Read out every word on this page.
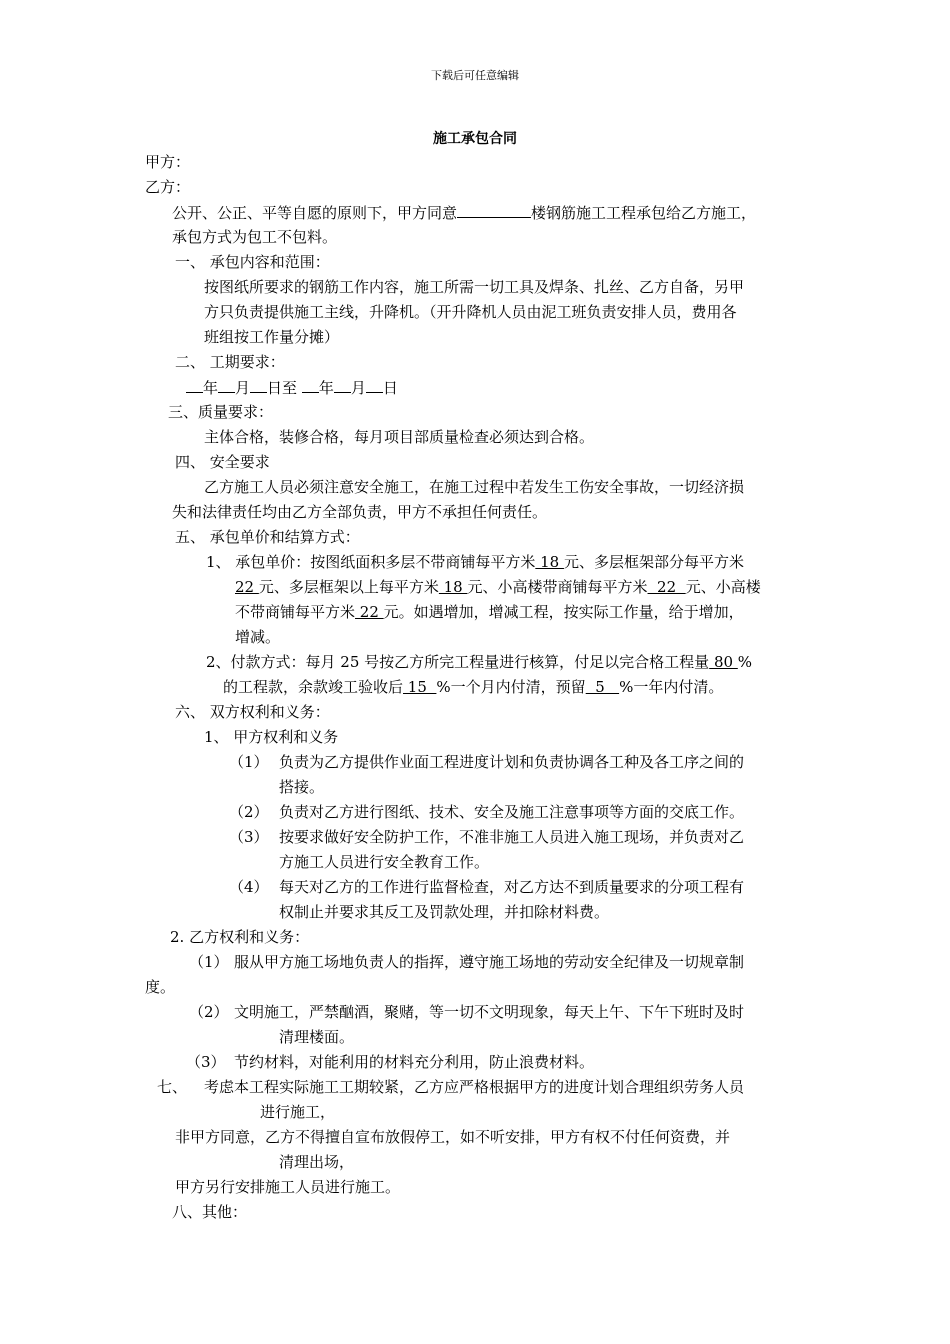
下载后可任意编辑
施工承包合同
甲方：
乙方：
公开、公正、平等自愿的原则下，甲方同意	楼钢筋施工工程承包给乙方施工，
承包方式为包工不包料。
一、 承包内容和范围：
按图纸所要求的钢筋工作内容，施工所需一切工具及焊条、扎丝、乙方自备，另甲
方只负责提供施工主线，升降机。（开升降机人员由泥工班负责安排人员，费用各
班组按工作量分摊）
二、 工期要求：
年 月 日至 年 月 日
三、质量要求：
主体合格，装修合格，每月项目部质量检查必须达到合格。
四、 安全要求
乙方施工人员必须注意安全施工，在施工过程中若发生工伤安全事故，一切经济损
失和法律责任均由乙方全部负责，甲方不承担任何责任。
五、 承包单价和结算方式：
1、 承包单价：按图纸面积多层不带商铺每平方米 18 元、多层框架部分每平方米
22 元、多层框架以上每平方米 18 元、小高楼带商铺每平方米  22  元、小高楼
不带商铺每平方米 22 元。如遇增加，增减工程，按实际工作量，给于增加，
增减。
2、付款方式：每月 25 号按乙方所完工程量进行核算，付足以完合格工程量 80 %
的工程款，余款竣工验收后 15  %一个月内付清，预留  5   %一年内付清。
六、 双方权利和义务：
1、 甲方权利和义务
（1） 负责为乙方提供作业面工程进度计划和负责协调各工种及各工序之间的
搭接。
（2） 负责对乙方进行图纸、技术、安全及施工注意事项等方面的交底工作。
（3） 按要求做好安全防护工作，不准非施工人员进入施工现场，并负责对乙
方施工人员进行安全教育工作。
（4） 每天对乙方的工作进行监督检查，对乙方达不到质量要求的分项工程有
权制止并要求其反工及罚款处理，并扣除材料费。
2. 乙方权利和义务：
（1） 服从甲方施工场地负责人的指挥，遵守施工场地的劳动安全纪律及一切规章制
度。
（2） 文明施工，严禁酗酒，聚赌，等一切不文明现象，每天上午、下午下班时及时
清理楼面。
（3） 节约材料，对能利用的材料充分利用，防止浪费材料。
七、 考虑本工程实际施工工期较紧，乙方应严格根据甲方的进度计划合理组织劳务人员
进行施工，
非甲方同意，乙方不得擅自宣布放假停工，如不听安排，甲方有权不付任何资费，并
清理出场，
甲方另行安排施工人员进行施工。
八、其他：
